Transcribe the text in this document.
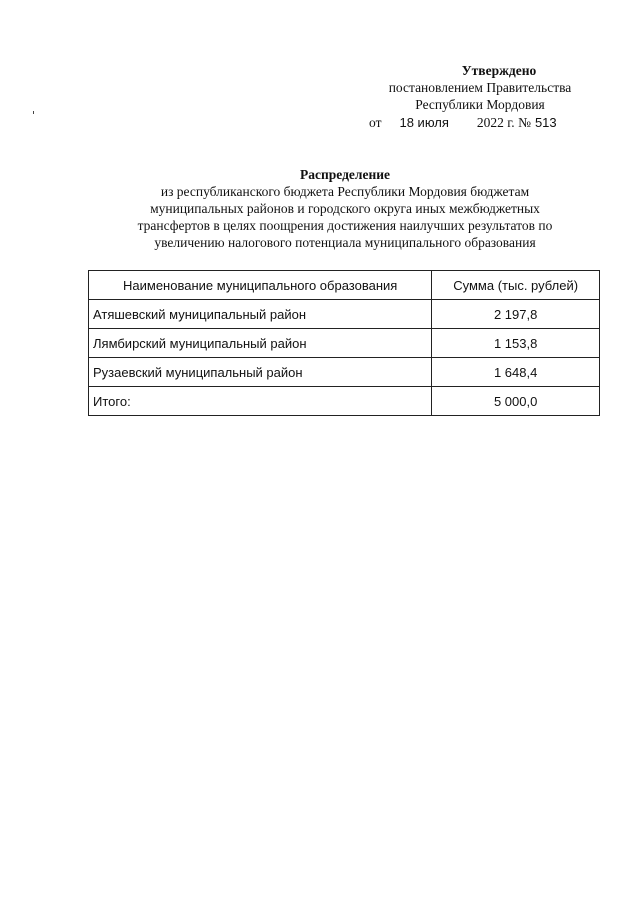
Утверждено
постановлением Правительства
Республики Мордовия
от 18 июля 2022 г. № 513
Распределение
из республиканского бюджета Республики Мордовия бюджетам
муниципальных районов и городского округа иных межбюджетных
трансфертов в целях поощрения достижения наилучших результатов по
увеличению налогового потенциала муниципального образования
Наименование муниципального образования	Сумма (тыс. рублей)
Атяшевский муниципальный район	2 197,8
Лямбирский муниципальный район	1 153,8
Рузаевский муниципальный район	1 648,4
Итого:	5 000,0
